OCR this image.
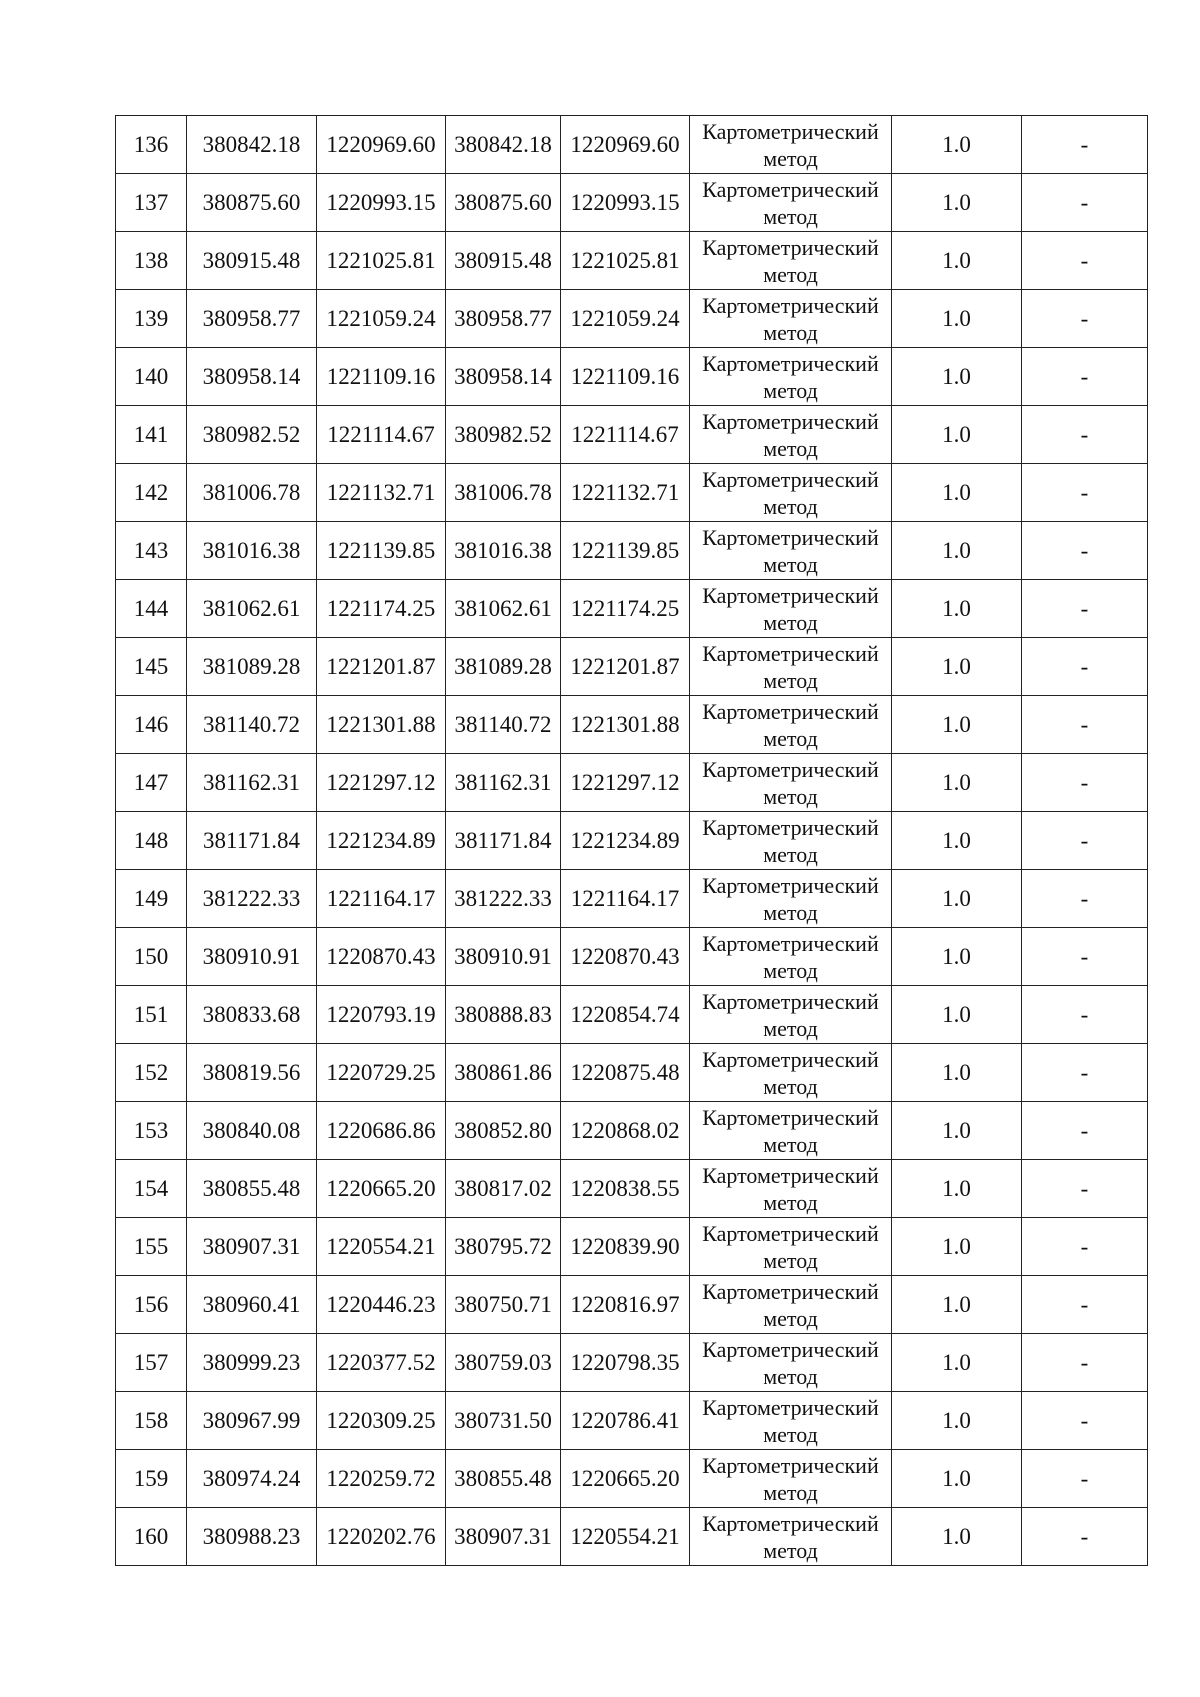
136	380842.18	1220969.60	380842.18	1220969.60	Картометрический
метод	1.0	-
137	380875.60	1220993.15	380875.60	1220993.15	Картометрический
метод	1.0	-
138	380915.48	1221025.81	380915.48	1221025.81	Картометрический
метод	1.0	-
139	380958.77	1221059.24	380958.77	1221059.24	Картометрический
метод	1.0	-
140	380958.14	1221109.16	380958.14	1221109.16	Картометрический
метод	1.0	-
141	380982.52	1221114.67	380982.52	1221114.67	Картометрический
метод	1.0	-
142	381006.78	1221132.71	381006.78	1221132.71	Картометрический
метод	1.0	-
143	381016.38	1221139.85	381016.38	1221139.85	Картометрический
метод	1.0	-
144	381062.61	1221174.25	381062.61	1221174.25	Картометрический
метод	1.0	-
145	381089.28	1221201.87	381089.28	1221201.87	Картометрический
метод	1.0	-
146	381140.72	1221301.88	381140.72	1221301.88	Картометрический
метод	1.0	-
147	381162.31	1221297.12	381162.31	1221297.12	Картометрический
метод	1.0	-
148	381171.84	1221234.89	381171.84	1221234.89	Картометрический
метод	1.0	-
149	381222.33	1221164.17	381222.33	1221164.17	Картометрический
метод	1.0	-
150	380910.91	1220870.43	380910.91	1220870.43	Картометрический
метод	1.0	-
151	380833.68	1220793.19	380888.83	1220854.74	Картометрический
метод	1.0	-
152	380819.56	1220729.25	380861.86	1220875.48	Картометрический
метод	1.0	-
153	380840.08	1220686.86	380852.80	1220868.02	Картометрический
метод	1.0	-
154	380855.48	1220665.20	380817.02	1220838.55	Картометрический
метод	1.0	-
155	380907.31	1220554.21	380795.72	1220839.90	Картометрический
метод	1.0	-
156	380960.41	1220446.23	380750.71	1220816.97	Картометрический
метод	1.0	-
157	380999.23	1220377.52	380759.03	1220798.35	Картометрический
метод	1.0	-
158	380967.99	1220309.25	380731.50	1220786.41	Картометрический
метод	1.0	-
159	380974.24	1220259.72	380855.48	1220665.20	Картометрический
метод	1.0	-
160	380988.23	1220202.76	380907.31	1220554.21	Картометрический
метод	1.0	-
